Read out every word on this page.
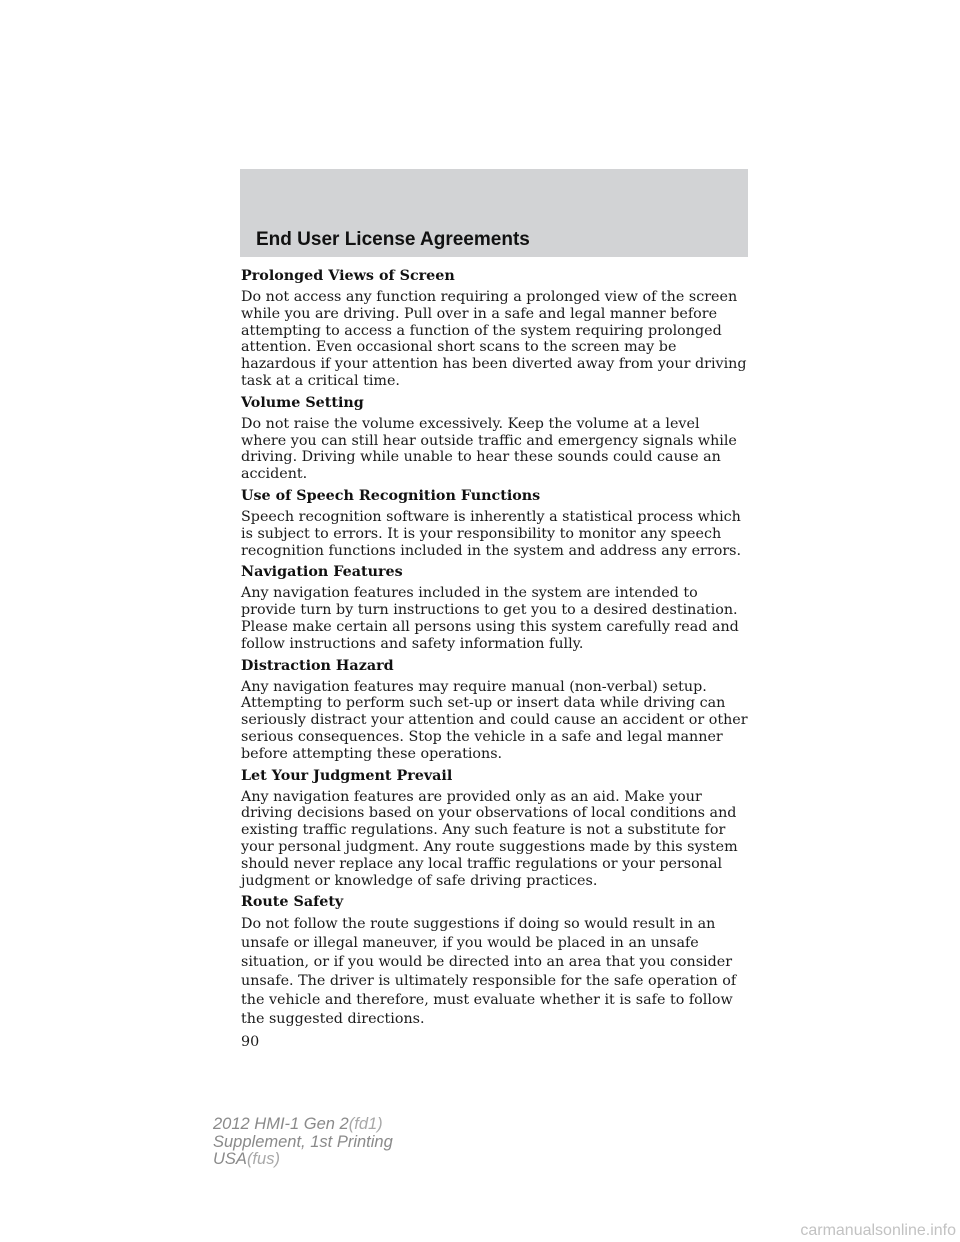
End User License Agreements
Prolonged Views of Screen

Do not access any function requiring a prolonged view of the screen while you are driving. Pull over in a safe and legal manner before attempting to access a function of the system requiring prolonged attention. Even occasional short scans to the screen may be hazardous if your attention has been diverted away from your driving task at a critical time.

Volume Setting

Do not raise the volume excessively. Keep the volume at a level where you can still hear outside traffic and emergency signals while driving. Driving while unable to hear these sounds could cause an accident.

Use of Speech Recognition Functions

Speech recognition software is inherently a statistical process which is subject to errors. It is your responsibility to monitor any speech recognition functions included in the system and address any errors.

Navigation Features

Any navigation features included in the system are intended to provide turn by turn instructions to get you to a desired destination. Please make certain all persons using this system carefully read and follow instructions and safety information fully.

Distraction Hazard

Any navigation features may require manual (non-verbal) setup. Attempting to perform such set-up or insert data while driving can seriously distract your attention and could cause an accident or other serious consequences. Stop the vehicle in a safe and legal manner before attempting these operations.

Let Your Judgment Prevail

Any navigation features are provided only as an aid. Make your driving decisions based on your observations of local conditions and existing traffic regulations. Any such feature is not a substitute for your personal judgment. Any route suggestions made by this system should never replace any local traffic regulations or your personal judgment or knowledge of safe driving practices.

Route Safety

Do not follow the route suggestions if doing so would result in an unsafe or illegal maneuver, if you would be placed in an unsafe situation, or if you would be directed into an area that you consider unsafe. The driver is ultimately responsible for the safe operation of the vehicle and therefore, must evaluate whether it is safe to follow the suggested directions.

90

2012 HMI-1 Gen 2(fd1)
Supplement, 1st Printing
USA(fus)
carmanualsonline.info
